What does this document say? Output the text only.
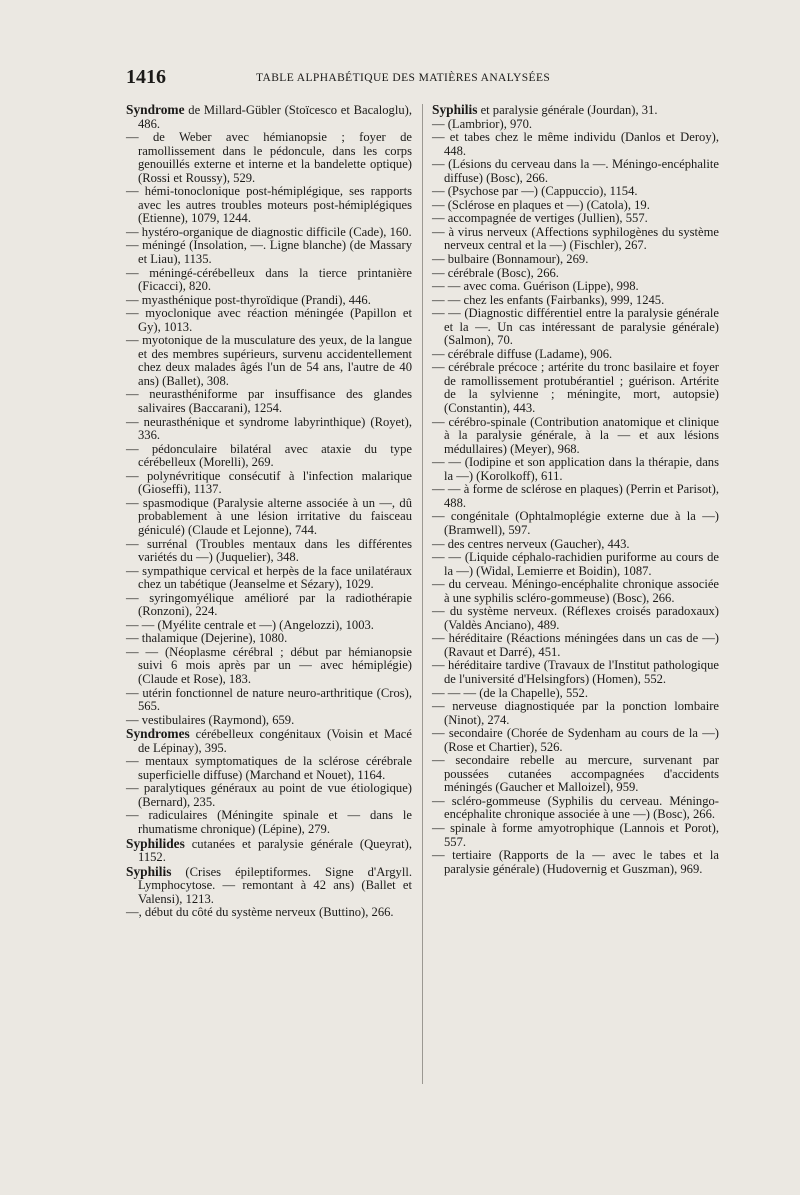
1416	TABLE ALPHABÉTIQUE DES MATIÈRES ANALYSÉES

Syndrome de Millard-Gübler (Stoïcesco et Bacaloglu), 486.

— de Weber avec hémianopsie ; foyer de ramollissement dans le pédoncule, dans les corps genouillés externe et interne et la bandelette optique) (Rossi et Roussy), 529.

— hémi-tonoclonique post-hémiplégique, ses rapports avec les autres troubles moteurs post-hémiplégiques (Etienne), 1079, 1244.

— hystéro-organique de diagnostic difficile (Cade), 160.

— méningé (Insolation, —. Ligne blanche) (de Massary et Liau), 1135.

— méningé-cérébelleux dans la tierce printanière (Ficacci), 820.

— myasthénique post-thyroïdique (Prandi), 446.

— myoclonique avec réaction méningée (Papillon et Gy), 1013.

— myotonique de la musculature des yeux, de la langue et des membres supérieurs, survenu accidentellement chez deux malades âgés l'un de 54 ans, l'autre de 40 ans) (Ballet), 308.

— neurasthéniforme par insuffisance des glandes salivaires (Baccarani), 1254.

— neurasthénique et syndrome labyrinthique) (Royet), 336.

— pédonculaire bilatéral avec ataxie du type cérébelleux (Morelli), 269.

— polynévritique consécutif à l'infection malarique (Gioseffi), 1137.

— spasmodique (Paralysie alterne associée à un —, dû probablement à une lésion irritative du faisceau géniculé) (Claude et Lejonne), 744.

— surrénal (Troubles mentaux dans les différentes variétés du —) (Juquelier), 348.

— sympathique cervical et herpès de la face unilatéraux chez un tabétique (Jeanselme et Sézary), 1029.

— syringomyélique amélioré par la radiothérapie (Ronzoni), 224.

— — (Myélite centrale et —) (Angelozzi), 1003.

— thalamique (Dejerine), 1080.

— — (Néoplasme cérébral ; début par hémianopsie suivi 6 mois après par un — avec hémiplégie) (Claude et Rose), 183.

— utérin fonctionnel de nature neuro-arthritique (Cros), 565.

— vestibulaires (Raymond), 659.

Syndromes cérébelleux congénitaux (Voisin et Macé de Lépinay), 395.

— mentaux symptomatiques de la sclérose cérébrale superficielle diffuse) (Marchand et Nouet), 1164.

— paralytiques généraux au point de vue étiologique) (Bernard), 235.

— radiculaires (Méningite spinale et — dans le rhumatisme chronique) (Lépine), 279.

Syphilides cutanées et paralysie générale (Queyrat), 1152.

Syphilis (Crises épileptiformes. Signe d'Argyll. Lymphocytose. — remontant à 42 ans) (Ballet et Valensi), 1213.

—, début du côté du système nerveux (Buttino), 266.

Syphilis et paralysie générale (Jourdan), 31.

— (Lambrior), 970.

— et tabes chez le même individu (Danlos et Deroy), 448.

— (Lésions du cerveau dans la —. Méningo-encéphalite diffuse) (Bosc), 266.

— (Psychose par —) (Cappuccio), 1154.

— (Sclérose en plaques et —) (Catola), 19.

— accompagnée de vertiges (Jullien), 557.

— à virus nerveux (Affections syphilogènes du système nerveux central et la —) (Fischler), 267.

— bulbaire (Bonnamour), 269.

— cérébrale (Bosc), 266.

— — avec coma. Guérison (Lippe), 998.

— — chez les enfants (Fairbanks), 999, 1245.

— — (Diagnostic différentiel entre la paralysie générale et la —. Un cas intéressant de paralysie générale) (Salmon), 70.

— cérébrale diffuse (Ladame), 906.

— cérébrale précoce ; artérite du tronc basilaire et foyer de ramollissement protubérantiel ; guérison. Artérite de la sylvienne ; méningite, mort, autopsie)(Constantin), 443.

— cérébro-spinale (Contribution anatomique et clinique à la paralysie générale, à la — et aux lésions médullaires) (Meyer), 968.

— — (Iodipine et son application dans la thérapie, dans la —) (Korolkoff), 611.

— — à forme de sclérose en plaques) (Perrin et Parisot), 488.

— congénitale (Ophtalmoplégie externe due à la —) (Bramwell), 597.

— des centres nerveux (Gaucher), 443.

— — (Liquide céphalo-rachidien puriforme au cours de la —) (Widal, Lemierre et Boidin), 1087.

— du cerveau. Méningo-encéphalite chronique associée à une syphilis scléro-gommeuse) (Bosc), 266.

— du système nerveux. (Réflexes croisés paradoxaux) (Valdès Anciano), 489.

— héréditaire (Réactions méningées dans un cas de —) (Ravaut et Darré), 451.

— héréditaire tardive (Travaux de l'Institut pathologique de l'université d'Helsingfors) (Homen), 552.

— — — (de la Chapelle), 552.

— nerveuse diagnostiquée par la ponction lombaire (Ninot), 274.

— secondaire (Chorée de Sydenham au cours de la —) (Rose et Chartier), 526.

— secondaire rebelle au mercure, survenant par poussées cutanées accompagnées d'accidents méningés (Gaucher et Malloizel), 959.

— scléro-gommeuse (Syphilis du cerveau. Méningo-encéphalite chronique associée à une —) (Bosc), 266.

— spinale à forme amyotrophique (Lannois et Porot), 557.

— tertiaire (Rapports de la — avec le tabes et la paralysie générale) (Hudovernig et Guszman), 969.
